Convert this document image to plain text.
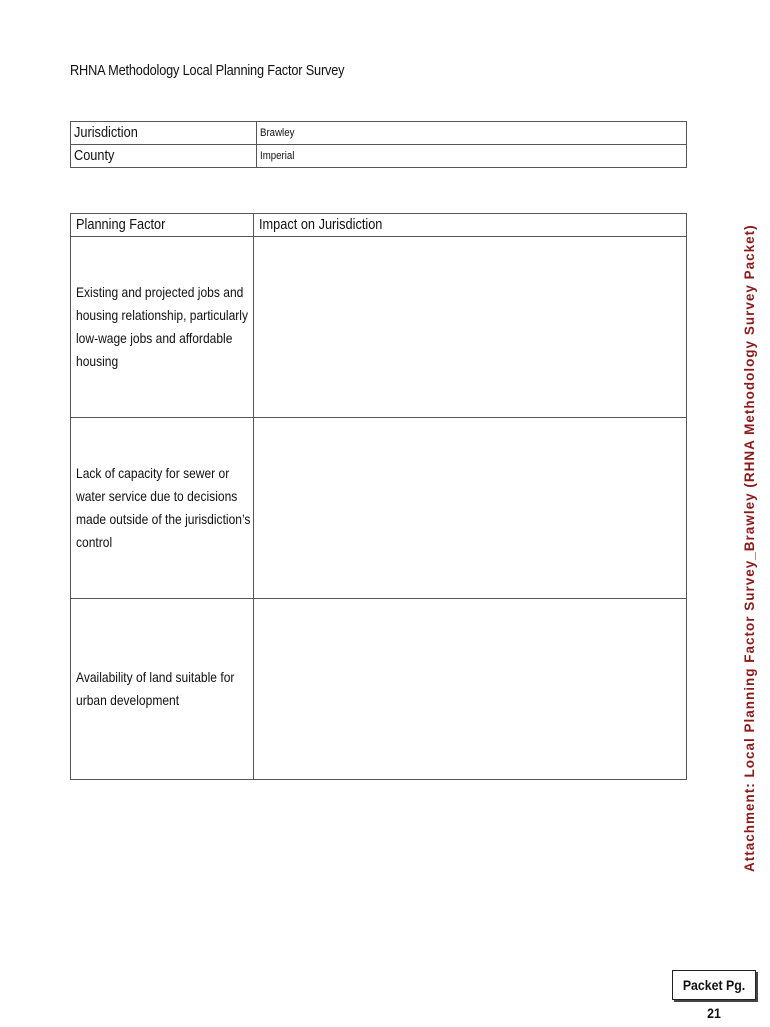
RHNA Methodology Local Planning Factor Survey
Jurisdiction	Brawley
County	Imperial
Planning Factor	Impact on Jurisdiction

Existing and projected jobs and housing relationship, particularly low-wage jobs and affordable housing	

Lack of capacity for sewer or water service due to decisions made outside of the jurisdiction’s control	

Availability of land suitable for urban development	
		Attachment: Local Planning Factor Survey_Brawley (RHNA Methodology Survey Packet)
Packet Pg. 21
